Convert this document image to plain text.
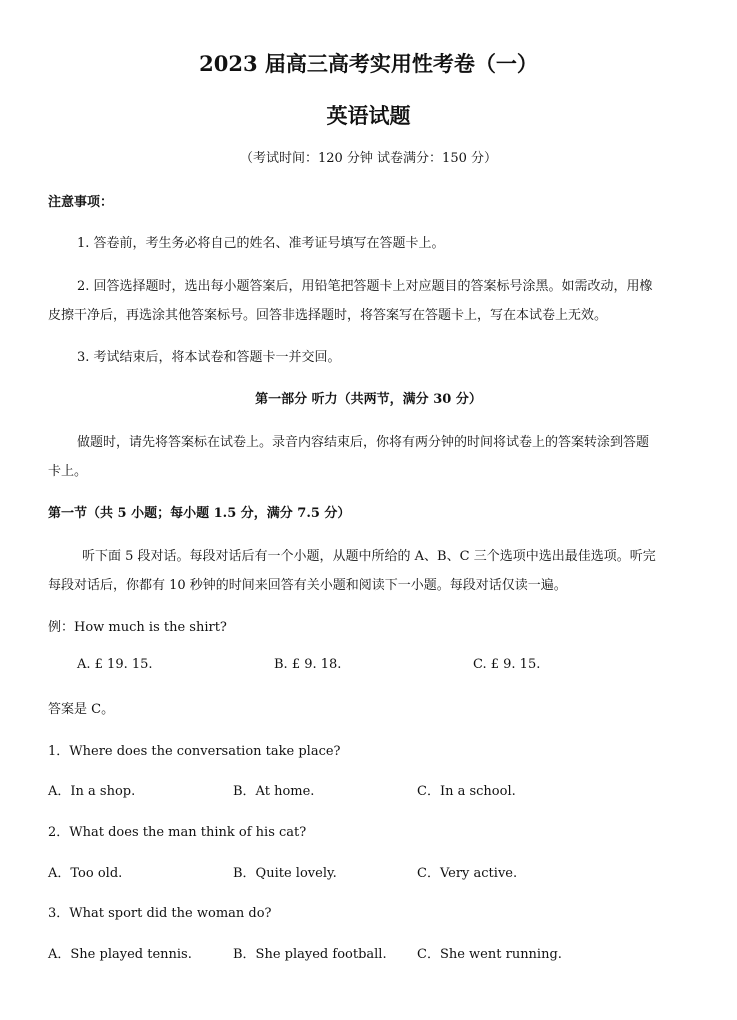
2023 届高三高考实用性考卷（一）
英语试题
（考试时间：120 分钟 试卷满分：150 分）
注意事项：
1. 答卷前，考生务必将自己的姓名、准考证号填写在答题卡上。
2. 回答选择题时，选出每小题答案后，用铅笔把答题卡上对应题目的答案标号涂黑。如需改动，用橡
皮擦干净后，再选涂其他答案标号。回答非选择题时，将答案写在答题卡上，写在本试卷上无效。
3. 考试结束后，将本试卷和答题卡一并交回。
第一部分 听力（共两节，满分 30 分）
做题时，请先将答案标在试卷上。录音内容结束后，你将有两分钟的时间将试卷上的答案转涂到答题
卡上。
第一节（共 5 小题；每小题 1.5 分，满分 7.5 分）
听下面 5 段对话。每段对话后有一个小题，从题中所给的 A、B、C 三个选项中选出最佳选项。听完
每段对话后，你都有 10 秒钟的时间来回答有关小题和阅读下一小题。每段对话仅读一遍。
例：How much is the shirt?
A. £ 19. 15.	B. £ 9. 18.	C. £ 9. 15.
答案是 C。
1．Where does the conversation take place?
A．In a shop.	B．At home.	C．In a school.
2．What does the man think of his cat?
A．Too old.	B．Quite lovely.	C．Very active.
3．What sport did the woman do?
A．She played tennis.	B．She played football. C．She went running.
